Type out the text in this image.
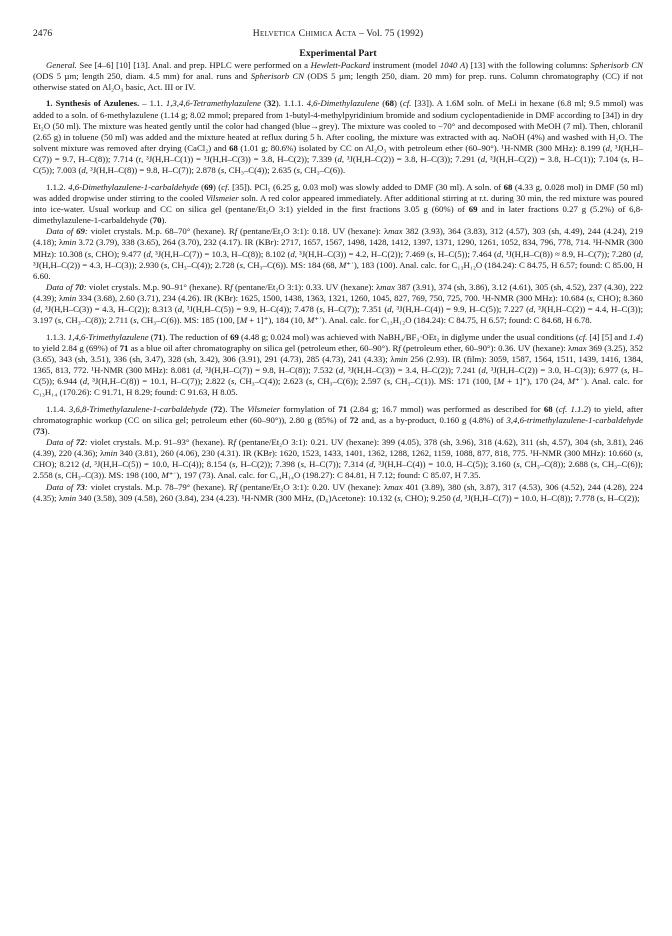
2476	Helvetica Chimica Acta – Vol. 75 (1992)
Experimental Part

General. See [4–6] [10] [13]. Anal. and prep. HPLC were performed on a Hewlett-Packard instrument (model 1040 A) [13] with the following columns: Spherisorb CN (ODS 5 µm; length 250, diam. 4.5 mm) for anal. runs and Spherisorb CN (ODS 5 µm; length 250, diam. 20 mm) for prep. runs. Column chromatography (CC) if not otherwise stated on Al₂O₃ basic, Act. III or IV.

1. Synthesis of Azulenes. – 1.1. 1,3,4,6-Tetramethylazulene (32). 1.1.1. 4,6-Dimethylazulene (68) (cf. [33]). A 1.6M soln. of MeLi in hexane (6.8 ml; 9.5 mmol) was added to a soln. of 6-methylazulene (1.14 g; 8.02 mmol; prepared from 1-butyl-4-methylpyridinium bromide and sodium cyclopentadienide in DMF according to [34]) in dry Et₂O (50 ml). The mixture was heated gently until the color had changed (blue→grey). The mixture was cooled to −70° and decomposed with MeOH (7 ml). Then, chloranil (2.65 g) in toluene (50 ml) was added and the mixture heated at reflux during 5 h. After cooling, the mixture was extracted with aq. NaOH (4%) and washed with H₂O. The solvent mixture was removed after drying (CaCl₂) and 68 (1.01 g; 80.6%) isolated by CC on Al₂O₃ with petroleum ether (60–90°). ¹H-NMR (300 MHz): 8.199 (d, ³J(H,H–C(7)) = 9.7, H–C(8)); 7.714 (t, ³J(H,H–C(1)) = ³J(H,H–C(3)) = 3.8, H–C(2)); 7.339 (d, ³J(H,H–C(2)) = 3.8, H–C(3)); 7.291 (d, ³J(H,H–C(2)) = 3.8, H–C(1)); 7.104 (s, H–C(5)); 7.003 (d, ³J(H,H–C(8)) = 9.8, H–C(7)); 2.878 (s, CH₃–C(4)); 2.635 (s, CH₃–C(6)).

1.1.2. 4,6-Dimethylazulene-1-carbaldehyde (69) (cf. [35]). PCl₅ (6.25 g, 0.03 mol) was slowly added to DMF (30 ml). A soln. of 68 (4.33 g, 0.028 mol) in DMF (50 ml) was added dropwise under stirring to the cooled Vilsmeier soln. A red color appeared immediately. After additional stirring at r.t. during 30 min, the red mixture was poured into ice-water. Usual workup and CC on silica gel (pentane/Et₂O 3:1) yielded in the first fractions 3.05 g (60%) of 69 and in later fractions 0.27 g (5.2%) of 6,8-dimethylazulene-1-carbaldehyde (70).

Data of 69: violet crystals. M.p. 68–70° (hexane). Rf (pentane/Et₂O 3:1): 0.18. UV (hexane): λmax 382 (3.93), 364 (3.83), 312 (4.57), 303 (sh, 4.49), 244 (4.24), 219 (4.18); λmin 3.72 (3.79), 338 (3.65), 264 (3.70), 232 (4.17). IR (KBr): 2717, 1657, 1567, 1498, 1428, 1412, 1397, 1371, 1290, 1261, 1052, 834, 796, 778, 714. ¹H-NMR (300 MHz): 10.308 (s, CHO); 9.477 (d, ³J(H,H–C(7)) = 10.3, H–C(8)); 8.102 (d, ³J(H,H–C(3)) = 4.2, H–C(2)); 7.469 (s, H–C(5)); 7.464 (d, ³J(H,H–C(8)) ≈ 8.9, H–C(7)); 7.280 (d, ³J(H,H–C(2)) = 4.3, H–C(3)); 2.930 (s, CH₃–C(4)); 2.728 (s, CH₃–C(6)). MS: 184 (68, M⁺˙), 183 (100). Anal. calc. for C₁₃H₁₂O (184.24): C 84.75, H 6.57; found: C 85.00, H 6.60.

Data of 70: violet crystals. M.p. 90–91° (hexane). Rf (pentane/Et₂O 3:1): 0.33. UV (hexane): λmax 387 (3.91), 374 (sh, 3.86), 3.12 (4.61), 305 (sh, 4.52), 237 (4.30), 222 (4.39); λmin 334 (3.68), 2.60 (3.71), 234 (4.26). IR (KBr): 1625, 1500, 1438, 1363, 1321, 1260, 1045, 827, 769, 750, 725, 700. ¹H-NMR (300 MHz): 10.684 (s, CHO); 8.360 (d, ³J(H,H–C(3)) = 4.3, H–C(2)); 8.313 (d, ³J(H,H–C(5)) = 9.9, H–C(4)); 7.478 (s, H–C(7)); 7.351 (d, ³J(H,H–C(4)) = 9.9, H–C(5)); 7.227 (d, ³J(H,H–C(2)) = 4.4, H–C(3)); 3.197 (s, CH₃–C(8)); 2.711 (s, CH₃–C(6)). MS: 185 (100, [M + 1]⁺), 184 (10, M⁺˙). Anal. calc. for C₁₃H₁₂O (184.24): C 84.75, H 6.57; found: C 84.68, H 6.78.

1.1.3. 1,4,6-Trimethylazulene (71). The reduction of 69 (4.48 g; 0.024 mol) was achieved with NaBH₄/BF₃·OEt₂ in diglyme under the usual conditions (cf. [4] [5] and 1.4) to yield 2.84 g (69%) of 71 as a blue oil after chromatography on silica gel (petroleum ether, 60–90°). Rf (petroleum ether, 60–90°): 0.36. UV (hexane): λmax 369 (3.25), 352 (3.65), 343 (sh, 3.51), 336 (sh, 3.47), 328 (sh, 3.42), 306 (3.91), 291 (4.73), 285 (4.73), 241 (4.33); λmin 256 (2.93). IR (film): 3059, 1587, 1564, 1511, 1439, 1416, 1384, 1365, 813, 772. ¹H-NMR (300 MHz): 8.081 (d, ³J(H,H–C(7)) = 9.8, H–C(8)); 7.532 (d, ³J(H,H–C(3)) = 3.4, H–C(2)); 7.241 (d, ³J(H,H–C(2)) = 3.0, H–C(3)); 6.977 (s, H–C(5)); 6.944 (d, ³J(H,H–C(8)) = 10.1, H–C(7)); 2.822 (s, CH₃–C(4)); 2.623 (s, CH₃–C(6)); 2.597 (s, CH₃–C(1)). MS: 171 (100, [M + 1]⁺), 170 (24, M⁺˙). Anal. calc. for C₁₃H₁₄ (170.26): C 91.71, H 8.29; found: C 91.63, H 8.05.

1.1.4. 3,6,8-Trimethylazulene-1-carbaldehyde (72). The Vilsmeier formylation of 71 (2.84 g; 16.7 mmol) was performed as described for 68 (cf. 1.1.2) to yield, after chromatographic workup (CC on silica gel; petroleum ether (60–90°)), 2.80 g (85%) of 72 and, as a by-product, 0.160 g (4.8%) of 3,4,6-trimethylazulene-1-carbaldehyde (73).

Data of 72: violet crystals. M.p. 91–93° (hexane). Rf (pentane/Et₂O 3:1): 0.21. UV (hexane): 399 (4.05), 378 (sh, 3.96), 318 (4.62), 311 (sh, 4.57), 304 (sh, 3.81), 246 (4.39), 220 (4.36); λmin 340 (3.81), 260 (4.06), 230 (4.31). IR (KBr): 1620, 1523, 1433, 1401, 1362, 1288, 1262, 1159, 1088, 877, 818, 775. ¹H-NMR (300 MHz): 10.660 (s, CHO); 8.212 (d, ³J(H,H–C(5)) = 10.0, H–C(4)); 8.154 (s, H–C(2)); 7.398 (s, H–C(7)); 7.314 (d, ³J(H,H–C(4)) = 10.0, H–C(5)); 3.160 (s, CH₃–C(8)); 2.688 (s, CH₃–C(6)); 2.558 (s, CH₃–C(3)). MS: 198 (100, M⁺˙), 197 (73). Anal. calc. for C₁₄H₁₄O (198.27): C 84.81, H 7.12; found: C 85.07, H 7.35.

Data of 73: violet crystals. M.p. 78–79° (hexane). Rf (pentane/Et₂O 3:1): 0.20. UV (hexane): λmax 401 (3.89), 380 (sh, 3.87), 317 (4.53), 306 (4.52), 244 (4.28), 224 (4.35); λmin 340 (3.58), 309 (4.58), 260 (3.84), 234 (4.23). ¹H-NMR (300 MHz, (D₆)Acetone): 10.132 (s, CHO); 9.250 (d, ³J(H,H–C(7)) = 10.0, H–C(8)); 7.778 (s, H–C(2));
